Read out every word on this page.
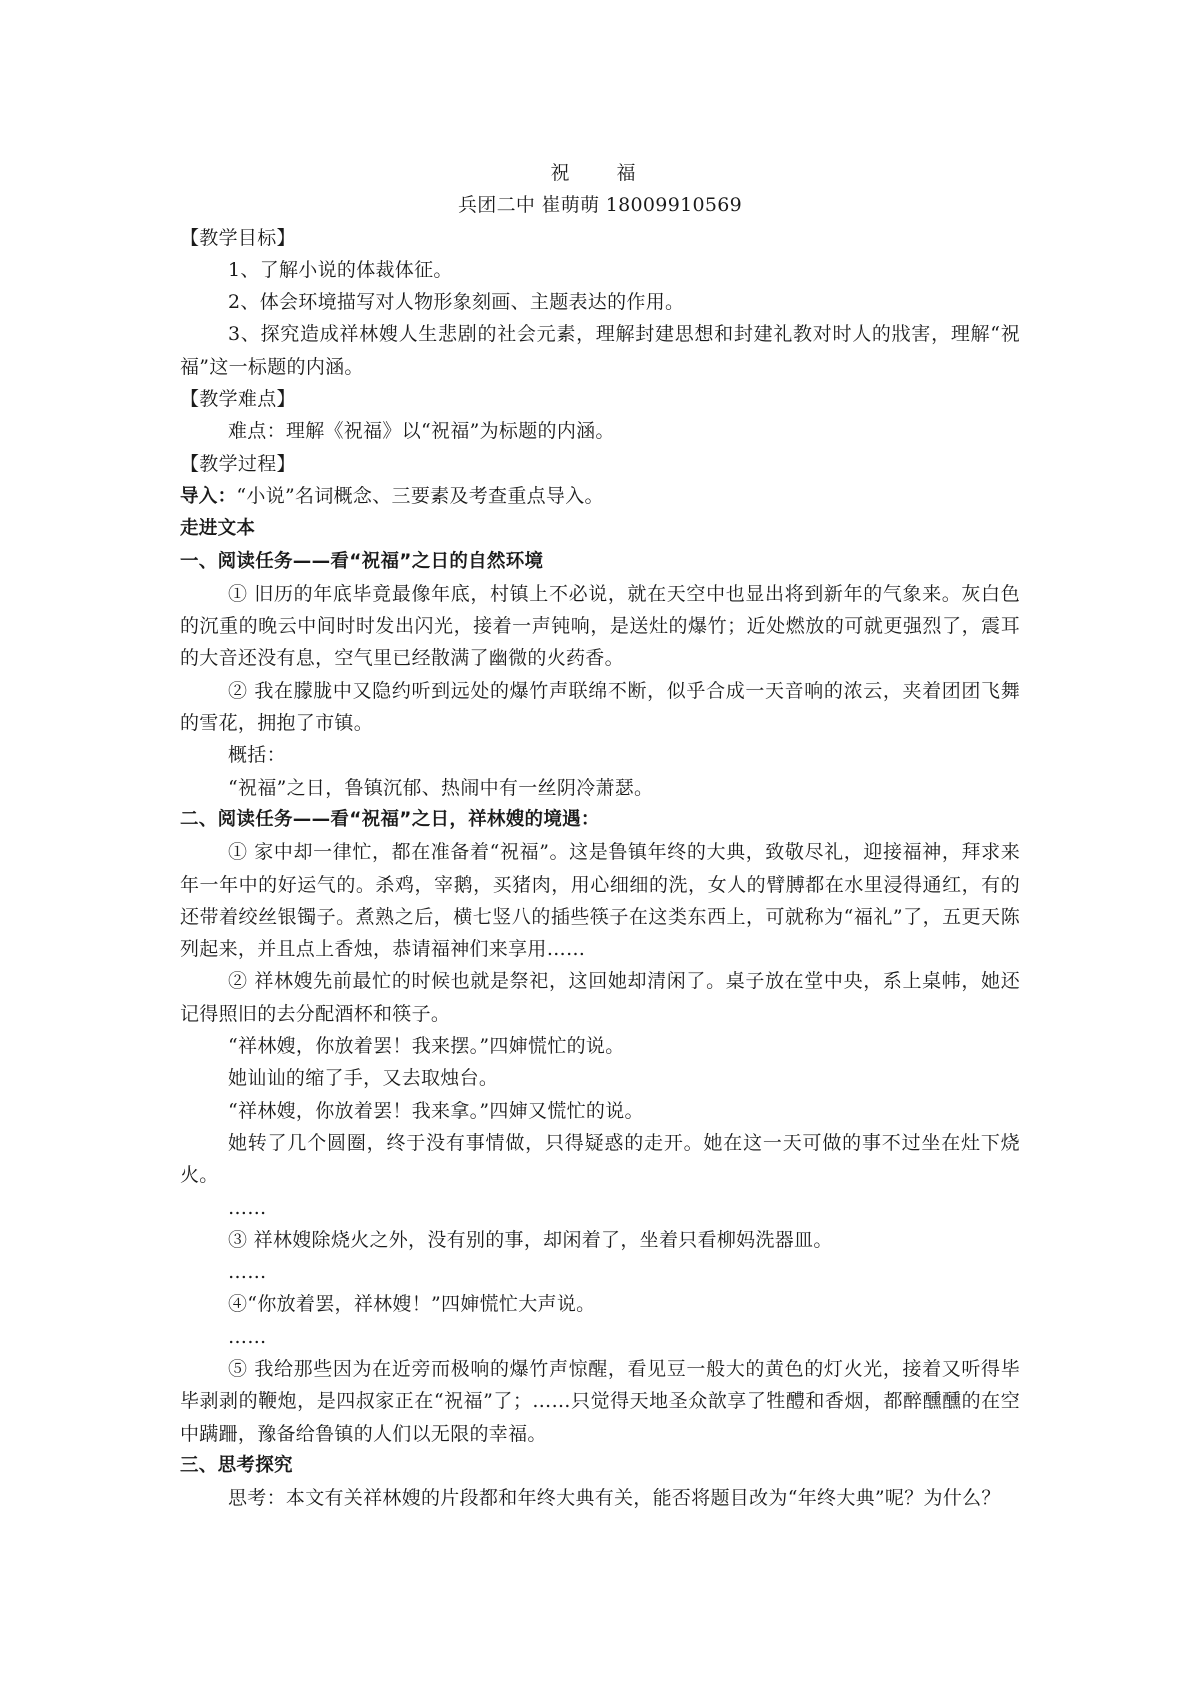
祝　福

兵团二中 崔萌萌 18009910569

【教学目标】

1、了解小说的体裁体征。

2、体会环境描写对人物形象刻画、主题表达的作用。

3、探究造成祥林嫂人生悲剧的社会元素，理解封建思想和封建礼教对时人的戕害，理解“祝福”这一标题的内涵。

【教学难点】

难点：理解《祝福》以“祝福”为标题的内涵。

【教学过程】

导入：“小说”名词概念、三要素及考查重点导入。

走进文本

一、阅读任务——看“祝福”之日的自然环境

① 旧历的年底毕竟最像年底，村镇上不必说，就在天空中也显出将到新年的气象来。灰白色的沉重的晚云中间时时发出闪光，接着一声钝响，是送灶的爆竹；近处燃放的可就更强烈了，震耳的大音还没有息，空气里已经散满了幽微的火药香。

② 我在朦胧中又隐约听到远处的爆竹声联绵不断，似乎合成一天音响的浓云，夹着团团飞舞的雪花，拥抱了市镇。

概括：

“祝福”之日，鲁镇沉郁、热闹中有一丝阴冷萧瑟。

二、阅读任务——看“祝福”之日，祥林嫂的境遇：

① 家中却一律忙，都在准备着“祝福”。这是鲁镇年终的大典，致敬尽礼，迎接福神，拜求来年一年中的好运气的。杀鸡，宰鹅，买猪肉，用心细细的洗，女人的臂膊都在水里浸得通红，有的还带着绞丝银镯子。煮熟之后，横七竖八的插些筷子在这类东西上，可就称为“福礼”了，五更天陈列起来，并且点上香烛，恭请福神们来享用……

② 祥林嫂先前最忙的时候也就是祭祀，这回她却清闲了。桌子放在堂中央，系上桌帏，她还记得照旧的去分配酒杯和筷子。

“祥林嫂，你放着罢！我来摆。”四婶慌忙的说。

她讪讪的缩了手，又去取烛台。

“祥林嫂，你放着罢！我来拿。”四婶又慌忙的说。

她转了几个圆圈，终于没有事情做，只得疑惑的走开。她在这一天可做的事不过坐在灶下烧火。

……

③ 祥林嫂除烧火之外，没有别的事，却闲着了，坐着只看柳妈洗器皿。

……

④“你放着罢，祥林嫂！”四婶慌忙大声说。

……

⑤ 我给那些因为在近旁而极响的爆竹声惊醒，看见豆一般大的黄色的灯火光，接着又听得毕毕剥剥的鞭炮，是四叔家正在“祝福”了；……只觉得天地圣众歆享了牲醴和香烟，都醉醺醺的在空中蹒跚，豫备给鲁镇的人们以无限的幸福。

三、思考探究

思考：本文有关祥林嫂的片段都和年终大典有关，能否将题目改为“年终大典”呢？为什么？
